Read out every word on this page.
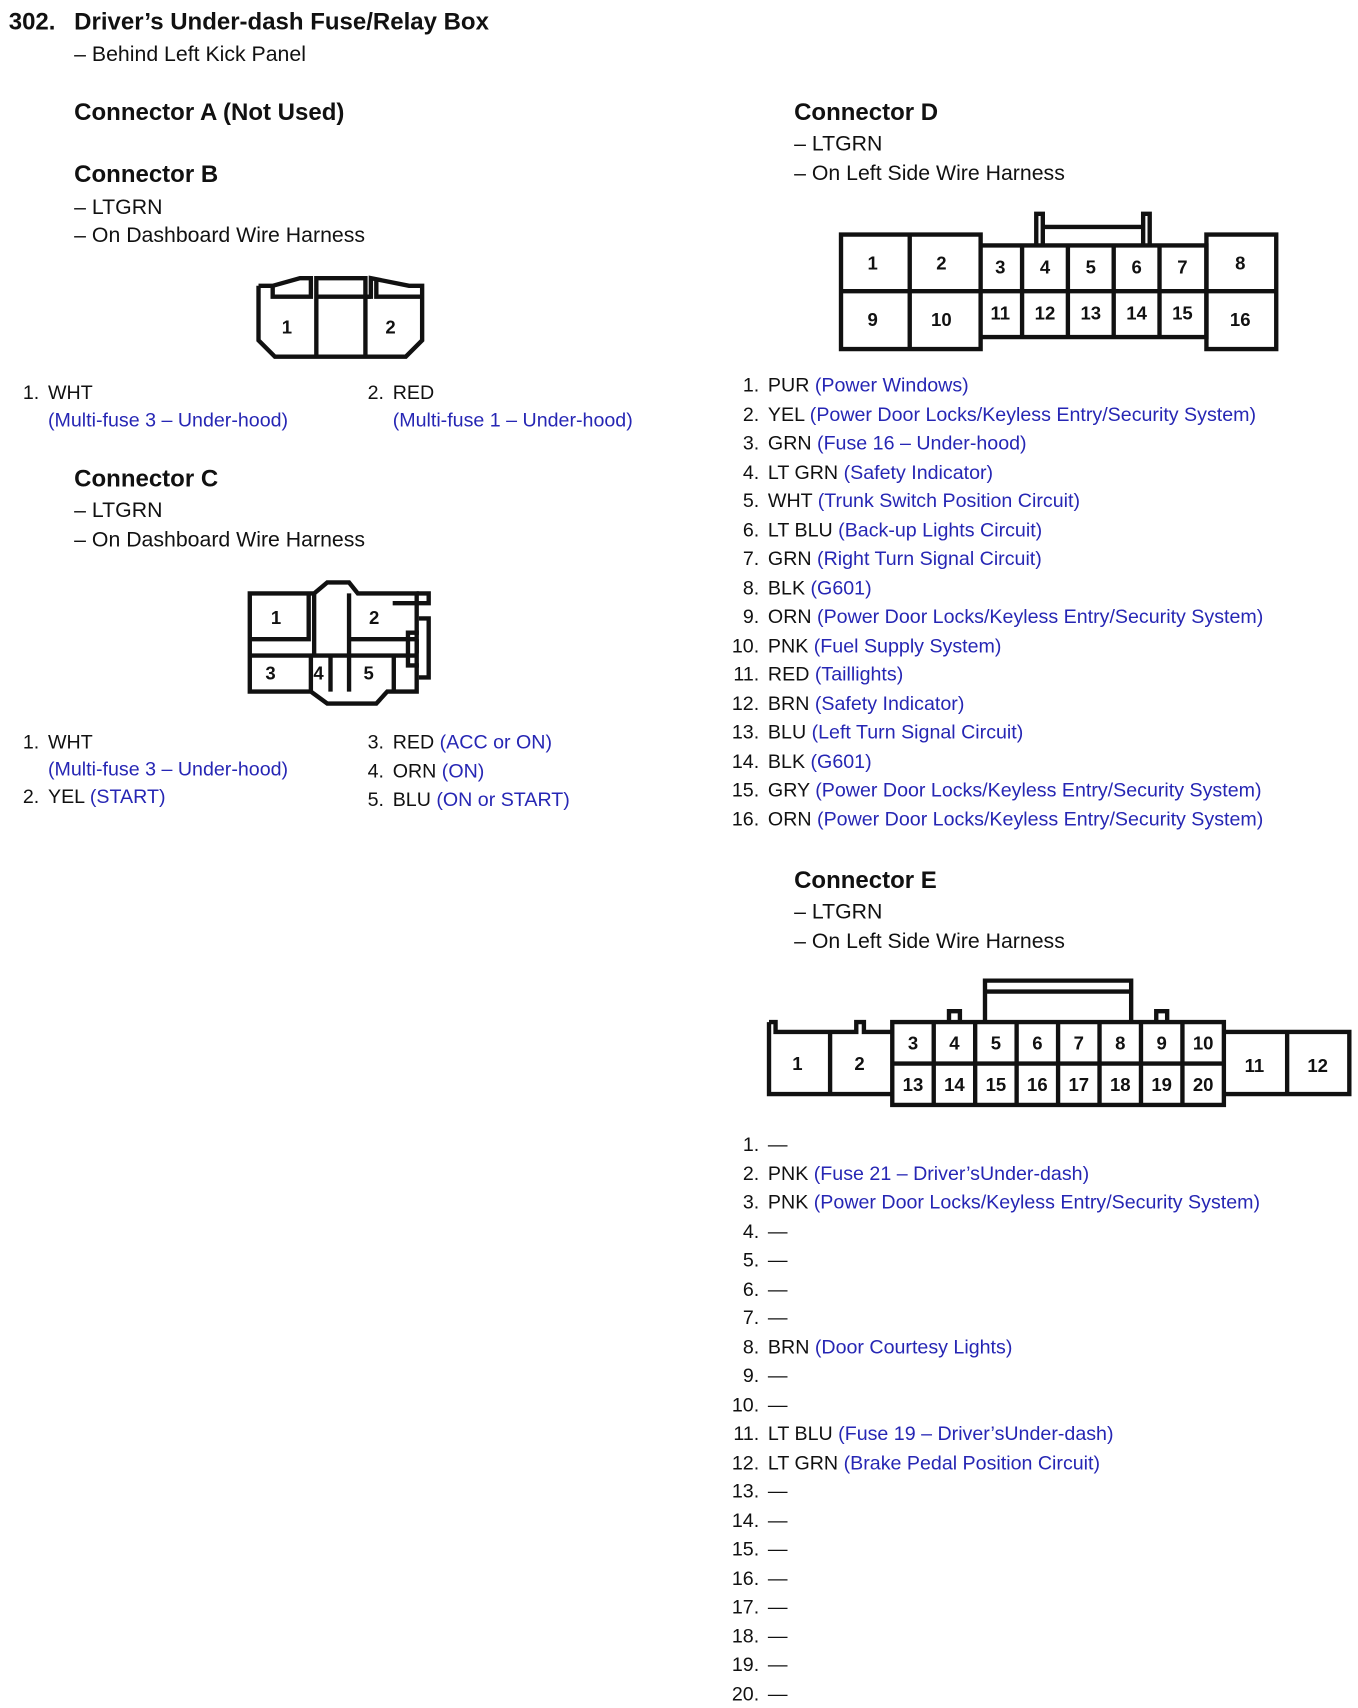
302. Driver’s Under-dash Fuse/Relay Box
– Behind Left Kick Panel
Connector A (Not Used)
Connector B
– LTGRN
– On Dashboard Wire Harness
Connector C
– LTGRN
– On Dashboard Wire Harness
Connector D
– LTGRN
– On Left Side Wire Harness
Connector E
– LTGRN
– On Left Side Wire Harness
1. WHT
(Multi-fuse 3 – Under-hood)
2. RED
(Multi-fuse 1 – Under-hood)
1. WHT
(Multi-fuse 3 – Under-hood)
2. YEL (START)
3. RED (ACC or ON)
4. ORN (ON)
5. BLU (ON or START)
1. PUR (Power Windows)
2. YEL (Power Door Locks/Keyless Entry/Security System)
3. GRN (Fuse 16 – Under-hood)
4. LT GRN (Safety Indicator)
5. WHT (Trunk Switch Position Circuit)
6. LT BLU (Back-up Lights Circuit)
7. GRN (Right Turn Signal Circuit)
8. BLK (G601)
9. ORN (Power Door Locks/Keyless Entry/Security System)
10. PNK (Fuel Supply System)
11. RED (Taillights)
12. BRN (Safety Indicator)
13. BLU (Left Turn Signal Circuit)
14. BLK (G601)
15. GRY (Power Door Locks/Keyless Entry/Security System)
16. ORN (Power Door Locks/Keyless Entry/Security System)
1. —
2. PNK (Fuse 21 – Driver’sUnder-dash)
3. PNK (Power Door Locks/Keyless Entry/Security System)
4. —
5. —
6. —
7. —
8. BRN (Door Courtesy Lights)
9. —
10. —
11. LT BLU (Fuse 19 – Driver’sUnder-dash)
12. LT GRN (Brake Pedal Position Circuit)
13. —
14. —
15. —
16. —
17. —
18. —
19. —
20. —
1	2
1	2
3 4 5
1	2	3 4 5 6 7	8
9	10 11 12 13 14 15 16
1	2
3 4 5 6 7 8 9 10
11	12
13 14 15 16 17 18 19 20
